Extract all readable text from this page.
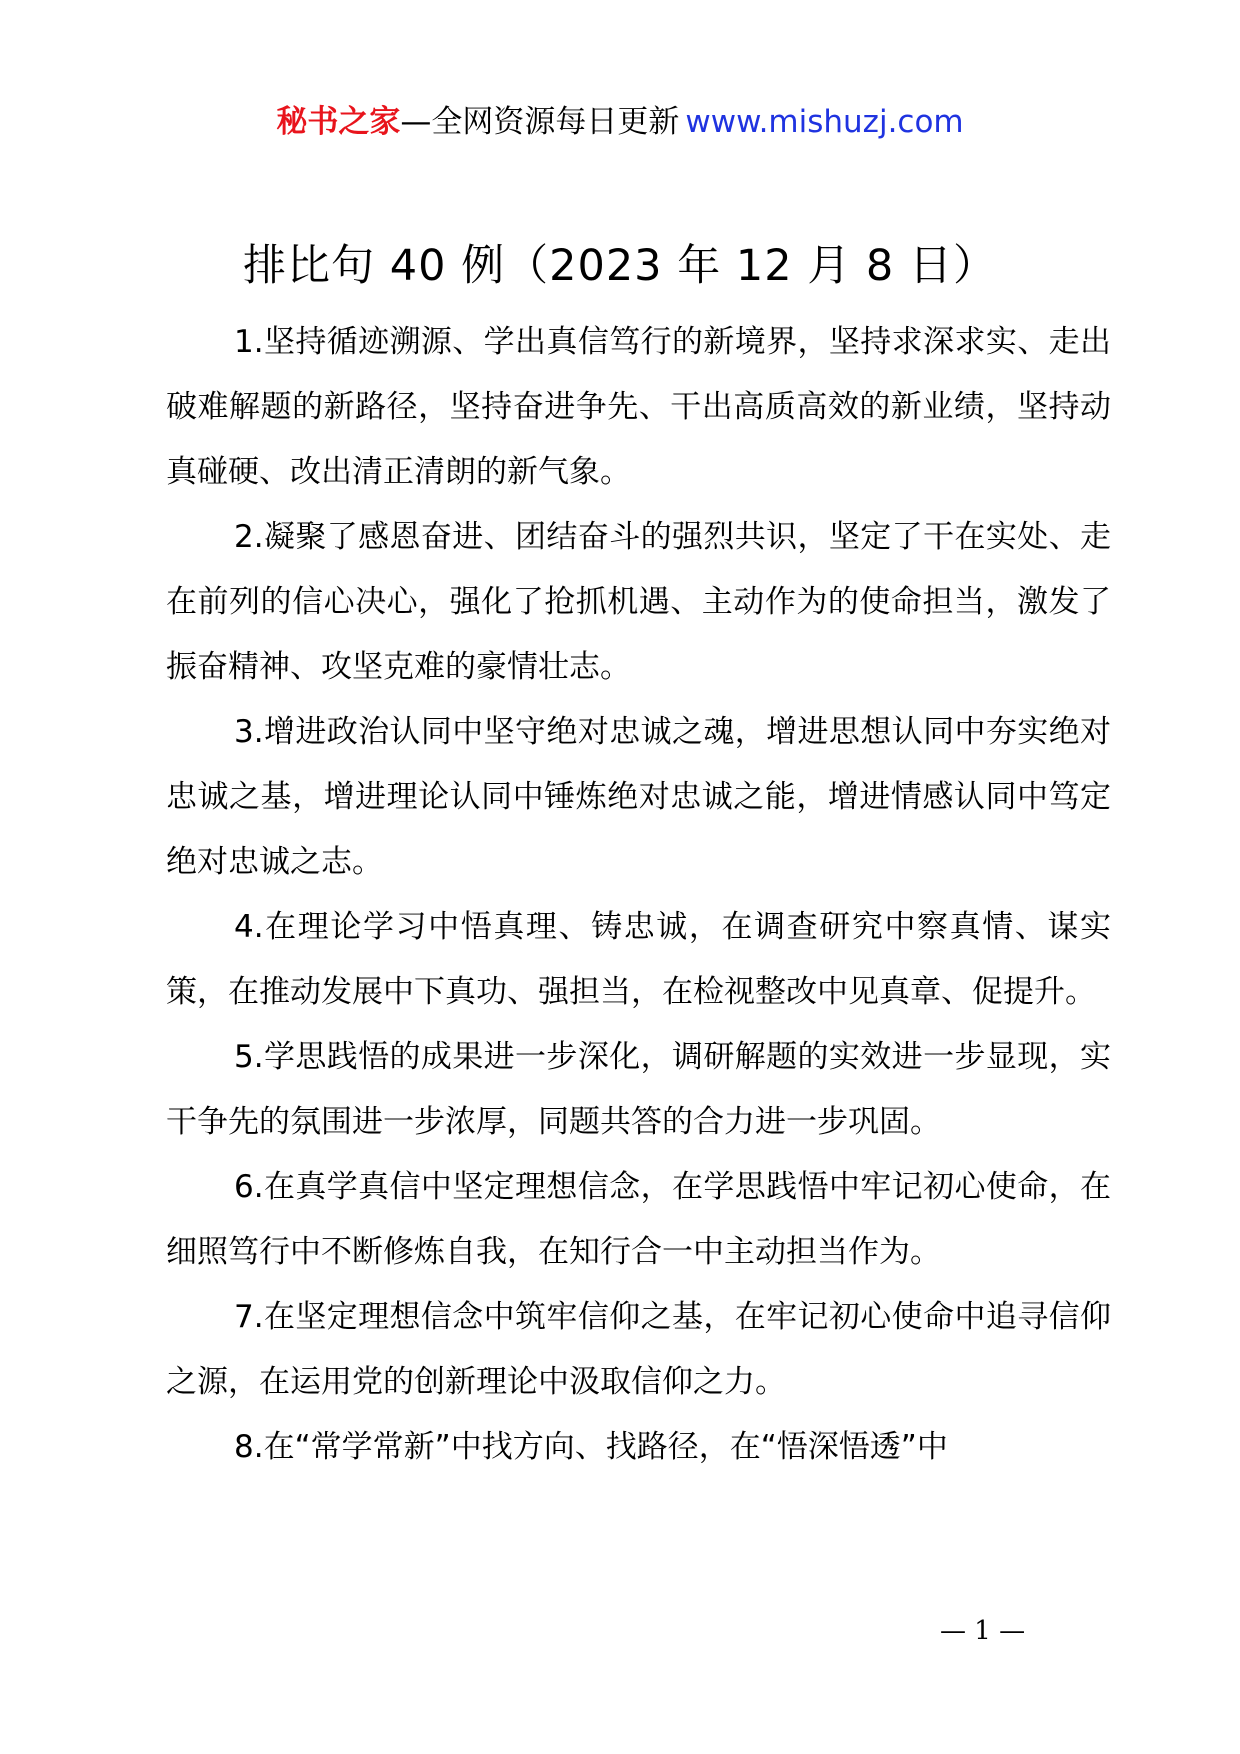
秘书之家—全网资源每日更新 www.mishuzj.com
排比句 40 例（2023 年 12 月 8 日）

1.坚持循迹溯源、学出真信笃行的新境界，坚持求深求实、走出破难解题的新路径，坚持奋进争先、干出高质高效的新业绩，坚持动真碰硬、改出清正清朗的新气象。

2.凝聚了感恩奋进、团结奋斗的强烈共识，坚定了干在实处、走在前列的信心决心，强化了抢抓机遇、主动作为的使命担当，激发了振奋精神、攻坚克难的豪情壮志。

3.增进政治认同中坚守绝对忠诚之魂，增进思想认同中夯实绝对忠诚之基，增进理论认同中锤炼绝对忠诚之能，增进情感认同中笃定绝对忠诚之志。

4.在理论学习中悟真理、铸忠诚，在调查研究中察真情、谋实策，在推动发展中下真功、强担当，在检视整改中见真章、促提升。

5.学思践悟的成果进一步深化，调研解题的实效进一步显现，实干争先的氛围进一步浓厚，同题共答的合力进一步巩固。

6.在真学真信中坚定理想信念，在学思践悟中牢记初心使命，在细照笃行中不断修炼自我，在知行合一中主动担当作为。

7.在坚定理想信念中筑牢信仰之基，在牢记初心使命中追寻信仰之源，在运用党的创新理论中汲取信仰之力。

8.在“常学常新”中找方向、找路径，在“悟深悟透”中

— 1 —
